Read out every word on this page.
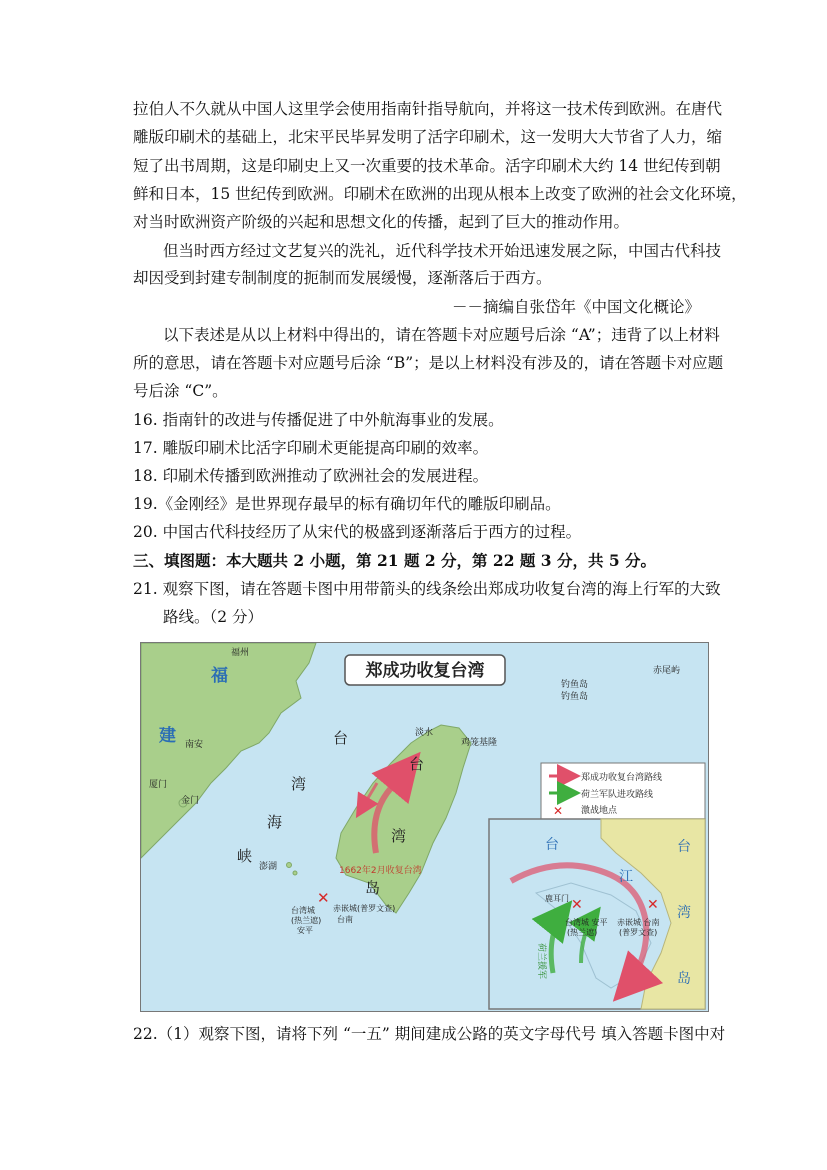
拉伯人不久就从中国人这里学会使用指南针指导航向，并将这一技术传到欧洲。在唐代
雕版印刷术的基础上，北宋平民毕昇发明了活字印刷术，这一发明大大节省了人力，缩
短了出书周期，这是印刷史上又一次重要的技术革命。活字印刷术大约 14 世纪传到朝
鲜和日本，15 世纪传到欧洲。印刷术在欧洲的出现从根本上改变了欧洲的社会文化环境，
对当时欧洲资产阶级的兴起和思想文化的传播，起到了巨大的推动作用。
但当时西方经过文艺复兴的洗礼，近代科学技术开始迅速发展之际，中国古代科技
却因受到封建专制制度的扼制而发展缓慢，逐渐落后于西方。
－－摘编自张岱年《中国文化概论》
以下表述是从以上材料中得出的，请在答题卡对应题号后涂 “A”；违背了以上材料
所的意思，请在答题卡对应题号后涂 “B”；是以上材料没有涉及的，请在答题卡对应题
号后涂 “C”。
16. 指南针的改进与传播促进了中外航海事业的发展。
17. 雕版印刷术比活字印刷术更能提高印刷的效率。
18. 印刷术传播到欧洲推动了欧洲社会的发展进程。
19.《金刚经》是世界现存最早的标有确切年代的雕版印刷品。
20. 中国古代科技经历了从宋代的极盛到逐渐落后于西方的过程。
三、填图题：本大题共 2 小题，第 21 题 2 分，第 22 题 3 分，共 5 分。
21. 观察下图，请在答题卡图中用带箭头的线条绘出郑成功收复台湾的海上行军的大致
路线。（2 分）
郑成功收复台湾
福州
福
建 南安
厦门
金门
澎湖
淡水
鸡笼基隆
钓鱼岛
钓鱼岛
赤尾屿
台
湾
海
峡
台
湾
岛
1662年2月收复台湾
✕
台湾城
(热兰遮)
安平
赤嵌城(普罗文查)
台南
郑成功收复台湾路线
荷兰军队进攻路线
✕ 激战地点
台
江
台
湾
岛
鹿耳门 ✕
台湾城 安平
(热兰遮)
✕
赤嵌城 台南
(普罗文查)
荷兰援军
22.（1）观察下图，请将下列 “一五” 期间建成公路的英文字母代号 填入答题卡图中对
